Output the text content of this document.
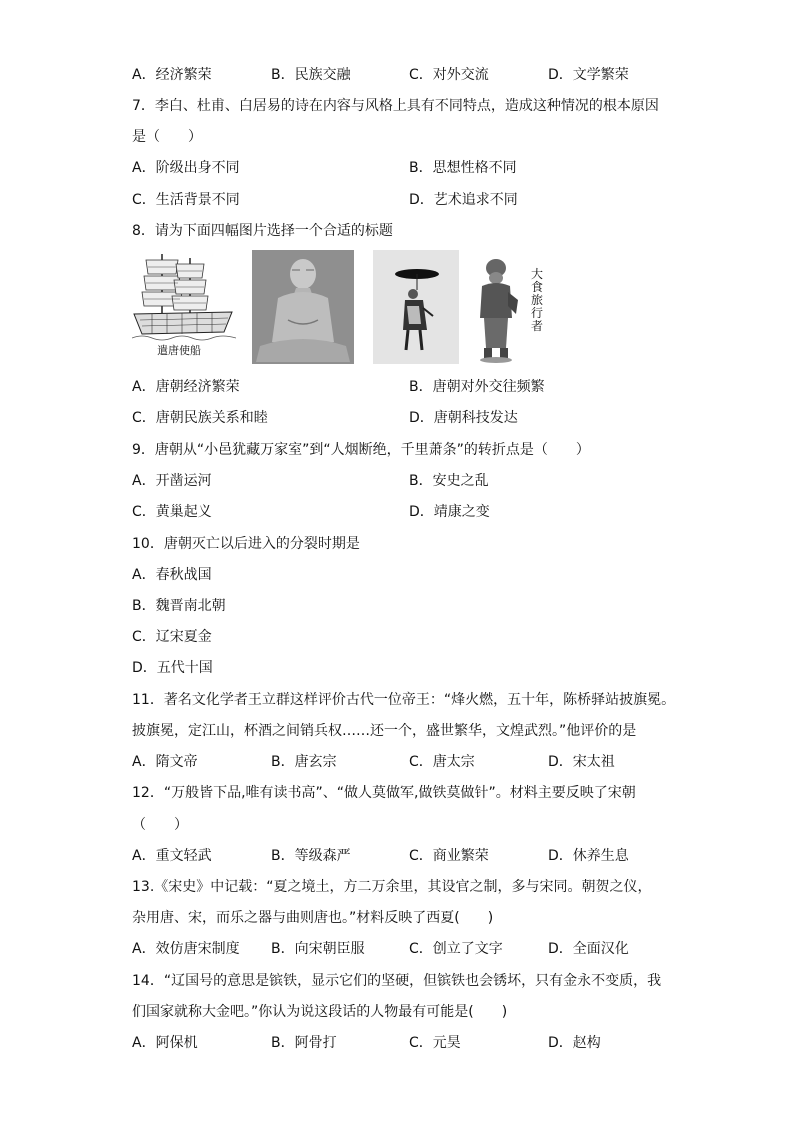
A．经济繁荣	B．民族交融	C．对外交流	D．文学繁荣
7．李白、杜甫、白居易的诗在内容与风格上具有不同特点，造成这种情况的根本原因
是（　　）
A．阶级出身不同	B．思想性格不同
C．生活背景不同	D．艺术追求不同
8．请为下面四幅图片选择一个合适的标题
遣唐使船
大食旅行者
A．唐朝经济繁荣	B．唐朝对外交往频繁
C．唐朝民族关系和睦	D．唐朝科技发达
9．唐朝从“小邑犹藏万家室”到“人烟断绝，千里萧条”的转折点是（　　）
A．开凿运河	B．安史之乱
C．黄巢起义	D．靖康之变
10．唐朝灭亡以后进入的分裂时期是
A．春秋战国
B．魏晋南北朝
C．辽宋夏金
D．五代十国
11．著名文化学者王立群这样评价古代一位帝王：“烽火燃，五十年，陈桥驿站披旗冕。
披旗冕，定江山，杯酒之间销兵权……还一个，盛世繁华，文煌武烈。”他评价的是
A．隋文帝	B．唐玄宗	C．唐太宗	D．宋太祖
12．“万般皆下品,唯有读书高”、“做人莫做军,做铁莫做针”。材料主要反映了宋朝
（　　）
A．重文轻武	B．等级森严	C．商业繁荣	D．休养生息
13.《宋史》中记载：“夏之境土，方二万余里，其设官之制，多与宋同。朝贺之仪，
杂用唐、宋，而乐之器与曲则唐也。”材料反映了西夏(　　)
A．效仿唐宋制度 B．向宋朝臣服	C．创立了文字	D．全面汉化
14．“辽国号的意思是镔铁，显示它们的坚硬，但镔铁也会锈坏，只有金永不变质，我
们国家就称大金吧。”你认为说这段话的人物最有可能是(　　)
A．阿保机	B．阿骨打	C．元昊	D．赵构
